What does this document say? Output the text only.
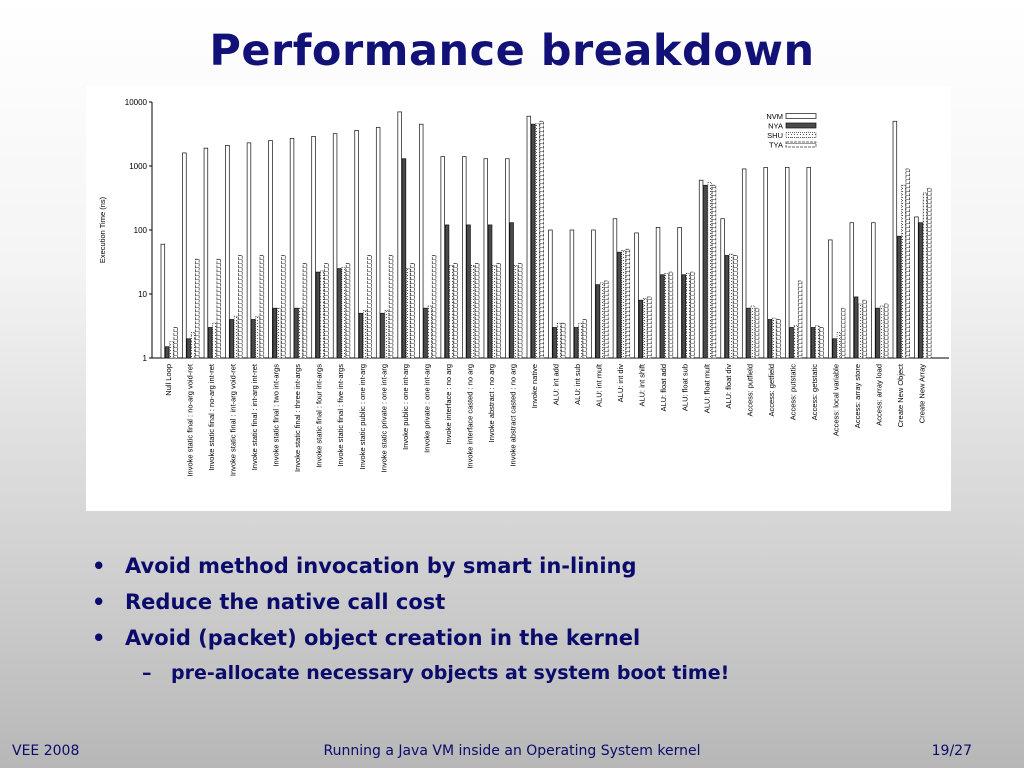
Performance breakdown
1
10
100
1000
10000
Execution Time (ns)
Null Loop Invoke static final : no-arg void-ret Invoke static final : no-arg int-ret Invoke static final : int-arg void-ret Invoke static final : int-arg int-ret Invoke static final : two int-args Invoke static final : three int-args Invoke static final : four int-args Invoke static final : five int-args Invoke static public : one int-arg Invoke static private : one int-arg Invoke public : one int-arg Invoke private : one int-arg Invoke interface : no arg Invoke interface casted : no arg Invoke abstract : no arg Invoke abstract casted : no arg Invoke native ALU: int add ALU: int sub ALU: int mult ALU: int div ALU: int shift ALU: float add ALU: float sub ALU: float mult ALU: float div Access: putfield Access: getfield Access: putstatic Access: getstatic Access: local variable Access: array store Access: array load Create New Object Create New Array
NVM
NYA
SHU
TYA
• Avoid method invocation by smart in-lining
• Reduce the native call cost
• Avoid (packet) object creation in the kernel
– pre-allocate necessary objects at system boot time!
VEE 2008	Running a Java VM inside an Operating System kernel	19/27
